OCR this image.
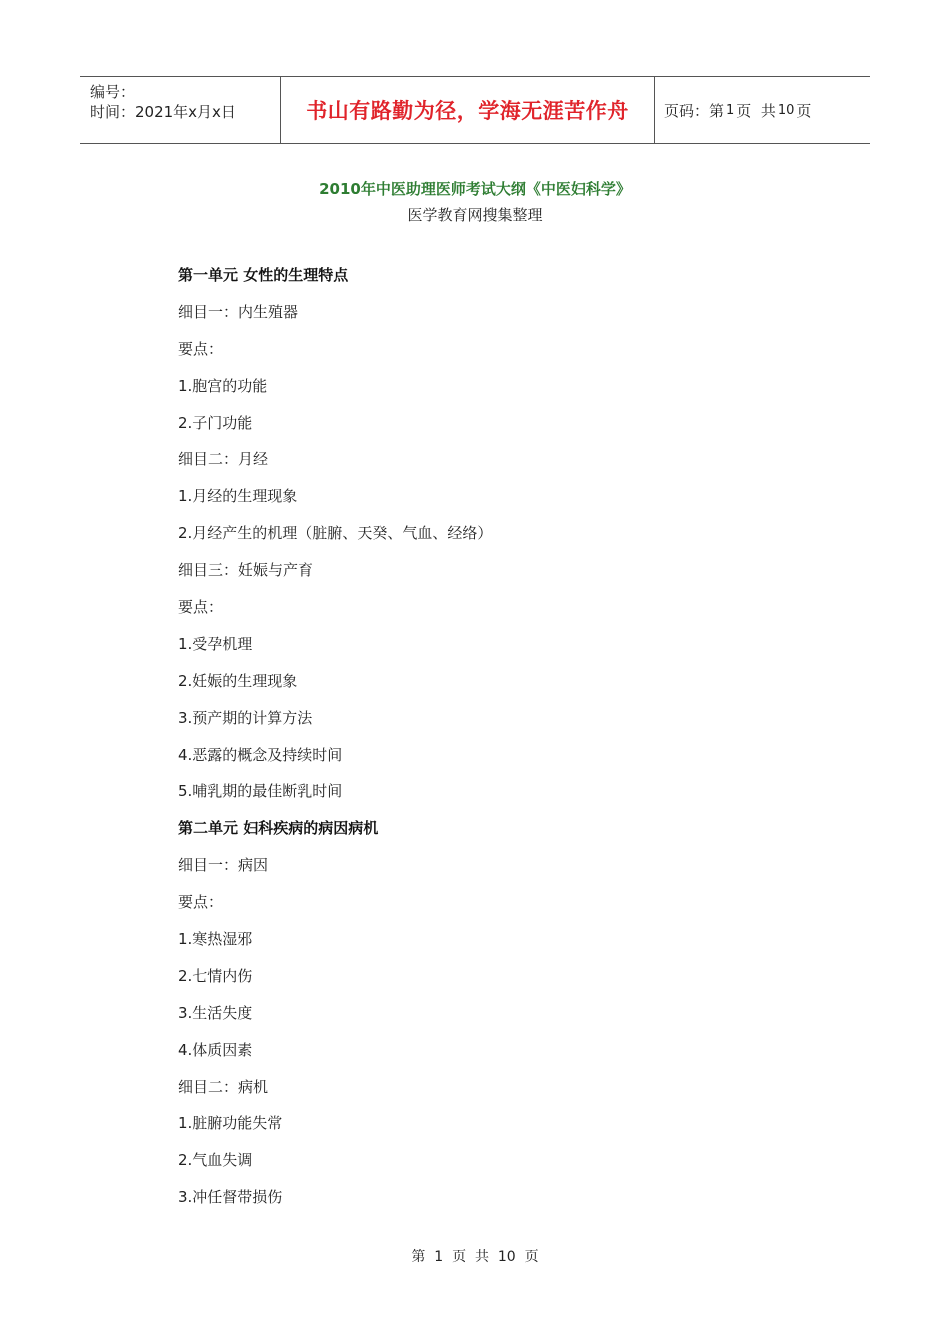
编号：
时间：2021年x月x日	书山有路勤为径，学海无涯苦作舟 页码：第 1 页  共 10 页
2010年中医助理医师考试大纲《中医妇科学》
医学教育网搜集整理
第一单元 女性的生理特点
细目一：内生殖器
要点：
1.胞宫的功能
2.子门功能
细目二：月经
1.月经的生理现象
2.月经产生的机理（脏腑、天癸、气血、经络）
细目三：妊娠与产育
要点：
1.受孕机理
2.妊娠的生理现象
3.预产期的计算方法
4.恶露的概念及持续时间
5.哺乳期的最佳断乳时间
第二单元 妇科疾病的病因病机
细目一：病因
要点：
1.寒热湿邪
2.七情内伤
3.生活失度
4.体质因素
细目二：病机
1.脏腑功能失常
2.气血失调
3.冲任督带损伤
第  1  页  共  10  页
